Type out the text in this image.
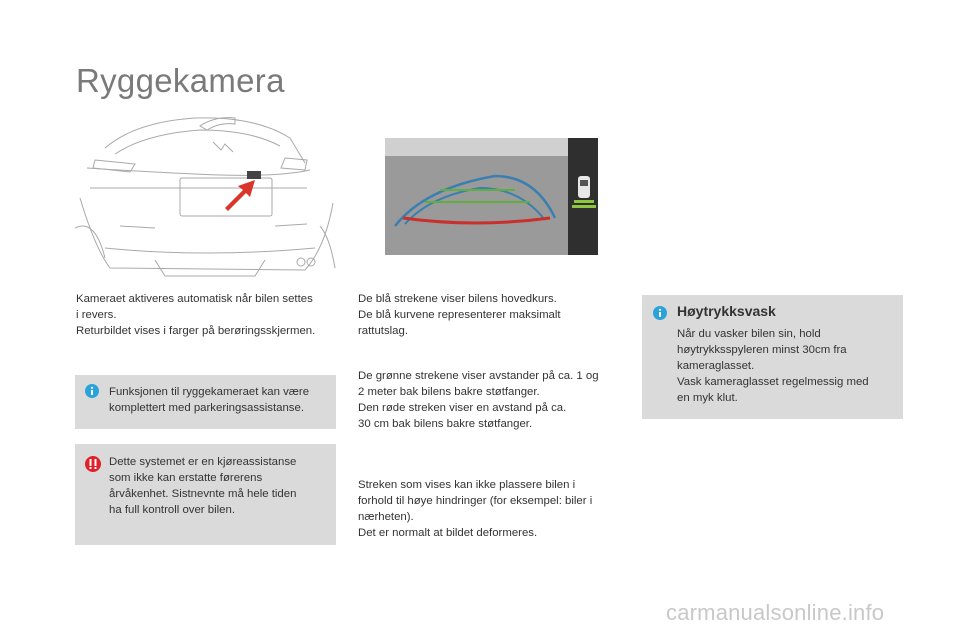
Ryggekamera
Kameraet aktiveres automatisk når bilen settes
i revers.
Returbildet vises i farger på berøringsskjermen.
Funksjonen til ryggekameraet kan være
komplettert med parkeringsassistanse.
Dette systemet er en kjøreassistanse
som ikke kan erstatte førerens
årvåkenhet. Sistnevnte må hele tiden
ha full kontroll over bilen.
De blå strekene viser bilens hovedkurs.
De blå kurvene representerer maksimalt
rattutslag.
De grønne strekene viser avstander på ca. 1 og
2 meter bak bilens bakre støtfanger.
Den røde streken viser en avstand på ca.
30 cm bak bilens bakre støtfanger.
Streken som vises kan ikke plassere bilen i
forhold til høye hindringer (for eksempel: biler i
nærheten).
Det er normalt at bildet deformeres.
Høytrykksvask
Når du vasker bilen sin, hold
høytrykksspyleren minst 30cm fra
kameraglasset.
Vask kameraglasset regelmessig med
en myk klut.
carmanualsonline.info
